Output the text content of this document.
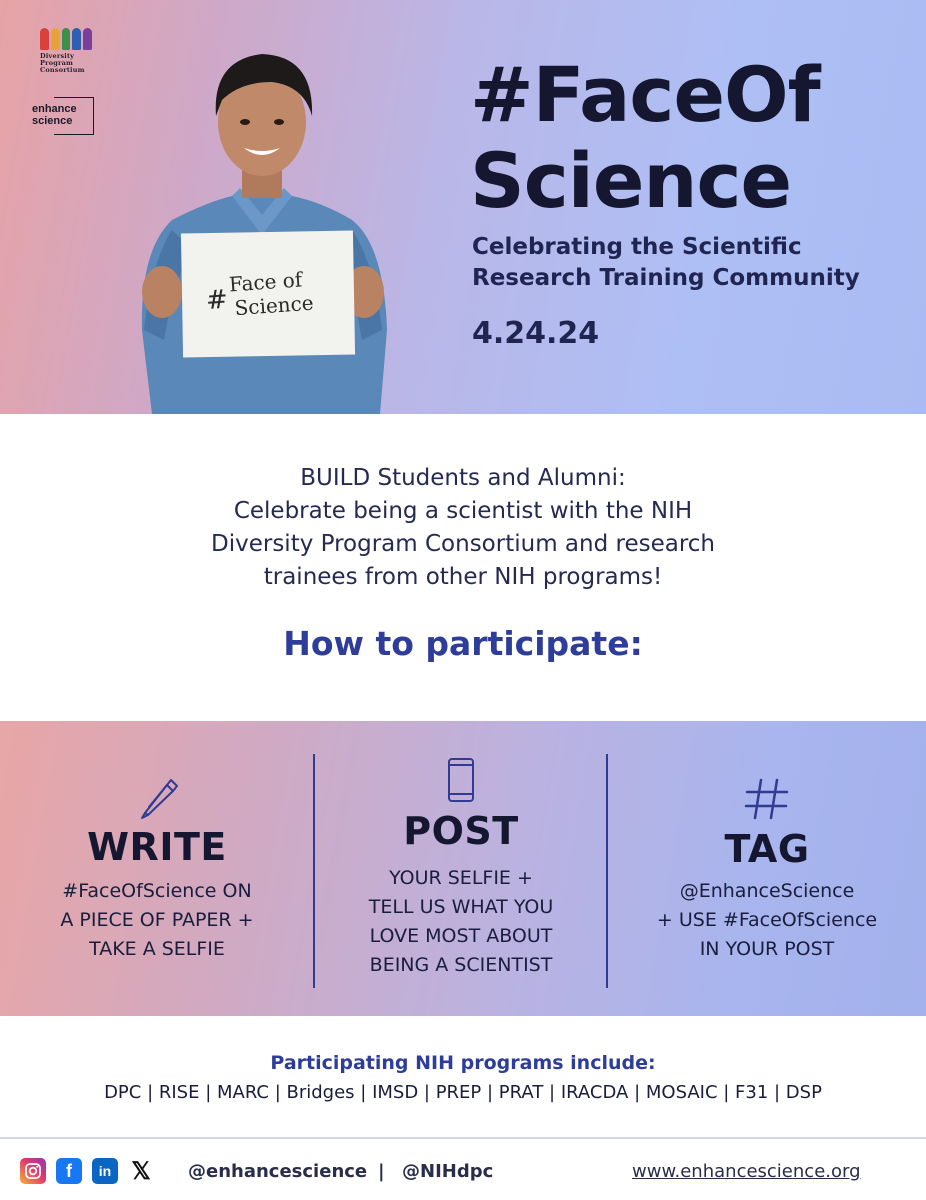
Diversity
Program
Consortium
enhance
science
#
Face of
Science
#FaceOf
Science
Celebrating the Scientific
Research Training Community
4.24.24
BUILD Students and Alumni:
Celebrate being a scientist with the NIH
Diversity Program Consortium and research
trainees from other NIH programs!
How to participate:
WRITE
#FaceOfScience ON
A PIECE OF PAPER +
TAKE A SELFIE
POST
YOUR SELFIE +
TELL US WHAT YOU
LOVE MOST ABOUT
BEING A SCIENTIST
TAG
@EnhanceScience
+ USE #FaceOfScience
IN YOUR POST
Participating NIH programs include:
DPC | RISE | MARC | Bridges | IMSD | PREP | PRAT | IRACDA | MOSAIC | F31 | DSP
f in 𝕏 @enhancescience | @NIHdpc	www.enhancescience.org
